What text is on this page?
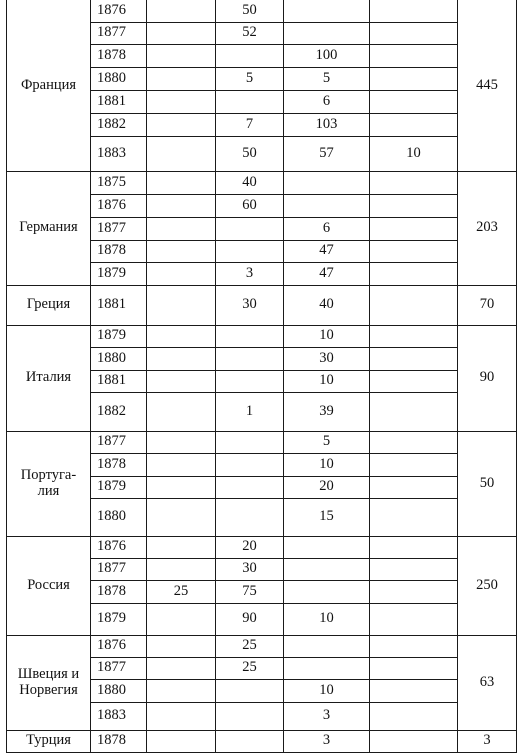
Франция	1876		50			445
	1877		52			
	1878			100		
	1880		5	5		
	1881			6		
	1882		7	103		
	1883		50	57	10	

Германия	1875		40			203
	1876		60			
	1877			6		
	1878			47		
	1879		3	47		

Греция	1881		30	40		70

Италия	1879			10		90
	1880			30		
	1881			10		
	1882		1	39		

Португа-
лия	1877			5		50
	1878			10		
	1879			20		
	1880			15		

Россия	1876		20			250
	1877		30			
	1878	25	75			
	1879		90	10		

Швеция и
Норвегия	1876		25			63
	1877		25			
	1880			10		
	1883			3		

Турция	1878			3		3
